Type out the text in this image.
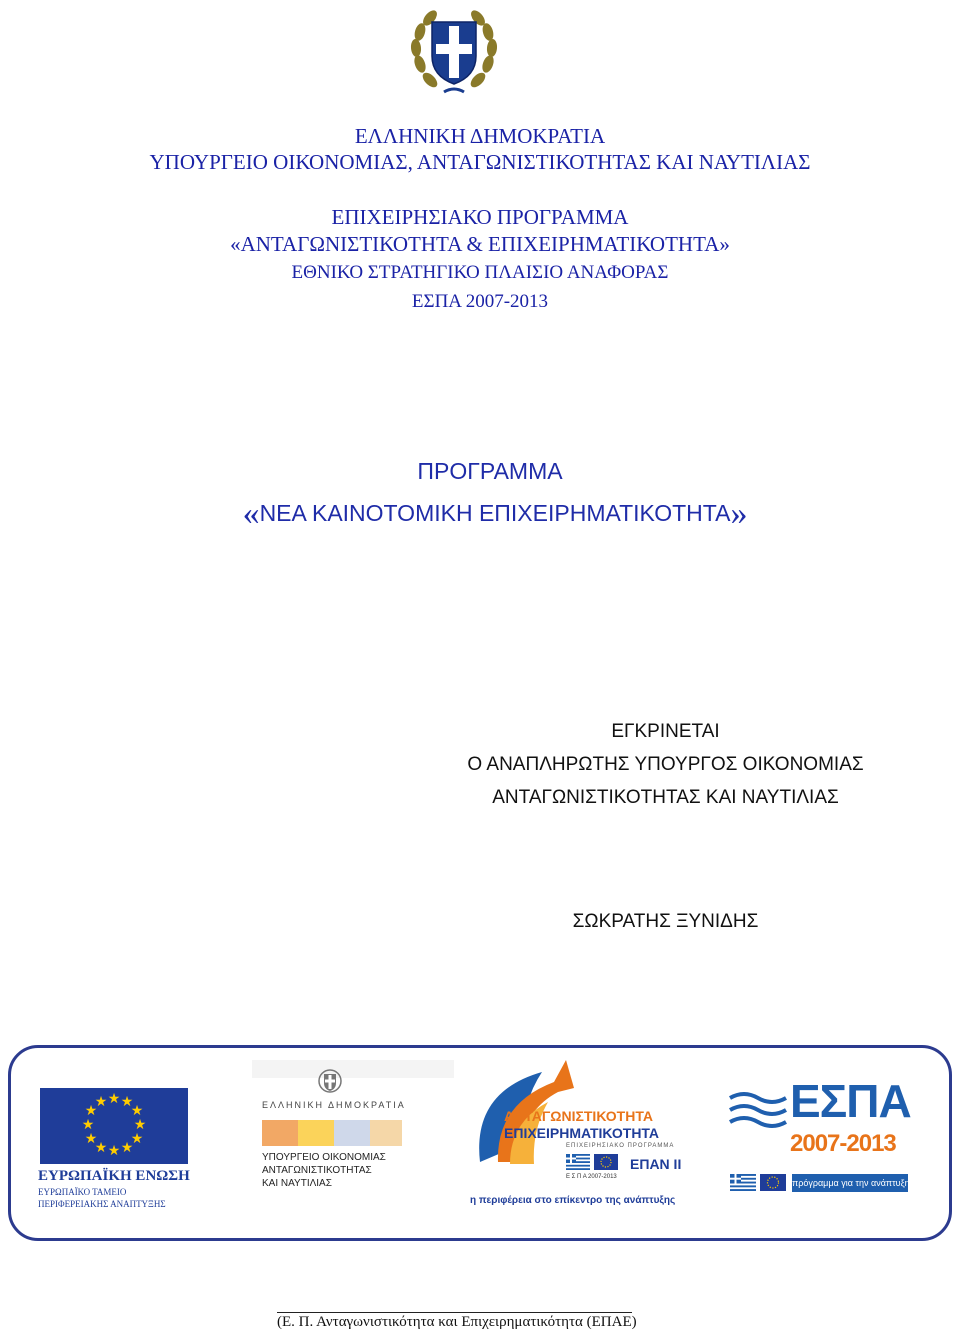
ΕΛΛΗΝΙΚΗ ΔΗΜΟΚΡΑΤΙΑ
ΥΠΟΥΡΓΕΙΟ ΟΙΚΟΝΟΜΙΑΣ, ΑΝΤΑΓΩΝΙΣΤΙΚΟΤΗΤΑΣ ΚΑΙ ΝΑΥΤΙΛΙΑΣ
ΕΠΙΧΕΙΡΗΣΙΑΚΟ ΠΡΟΓΡΑΜΜΑ
«ΑΝΤΑΓΩΝΙΣΤΙΚΟΤΗΤΑ & ΕΠΙΧΕΙΡΗΜΑΤΙΚΟΤΗΤΑ»
ΕΘΝΙΚΟ ΣΤΡΑΤΗΓΙΚΟ ΠΛΑΙΣΙΟ ΑΝΑΦΟΡΑΣ
ΕΣΠΑ 2007-2013
ΠΡΟΓΡΑΜΜΑ
«ΝΕΑ ΚΑΙΝΟΤΟΜΙΚΗ ΕΠΙΧΕΙΡΗΜΑΤΙΚΟΤΗΤΑ»
ΕΓΚΡΙΝΕΤΑΙ
Ο ΑΝΑΠΛΗΡΩΤΗΣ ΥΠΟΥΡΓΟΣ ΟΙΚΟΝΟΜΙΑΣ
ΑΝΤΑΓΩΝΙΣΤΙΚΟΤΗΤΑΣ ΚΑΙ ΝΑΥΤΙΛΙΑΣ
ΣΩΚΡΑΤΗΣ ΞΥΝΙΔΗΣ
★ ★
★
★
★
★
★
★
★
★
★
★
ΕΥΡΩΠΑΪΚΗ ΕΝΩΣΗ
ΕΥΡΩΠΑΪΚΟ ΤΑΜΕΙΟ
ΠΕΡΙΦΕΡΕΙΑΚΗΣ ΑΝΑΠΤΥΞΗΣ
ΕΛΛΗΝΙΚΗ ΔΗΜΟΚΡΑΤΙΑ
ΥΠΟΥΡΓΕΙΟ ΟΙΚΟΝΟΜΙΑΣ
ΑΝΤΑΓΩΝΙΣΤΙΚΟΤΗΤΑΣ
ΚΑΙ ΝΑΥΤΙΛΙΑΣ
ΑΝΤΑΓΩΝΙΣΤΙΚΟΤΗΤΑ
ΕΠΙΧΕΙΡΗΜΑΤΙΚΟΤΗΤΑ
ΕΠΙΧΕΙΡΗΣΙΑΚΟ ΠΡΟΓΡΑΜΜΑ
Ε Σ Π Α 2007-2013
ΕΠΑΝ ΙΙ
η περιφέρεια στο επίκεντρο της ανάπτυξης
ΕΣΠΑ
2007-2013
πρόγραμμα για την ανάπτυξη
(Ε. Π. Ανταγωνιστικότητα και Επιχειρηματικότητα (ΕΠΑΕ)
